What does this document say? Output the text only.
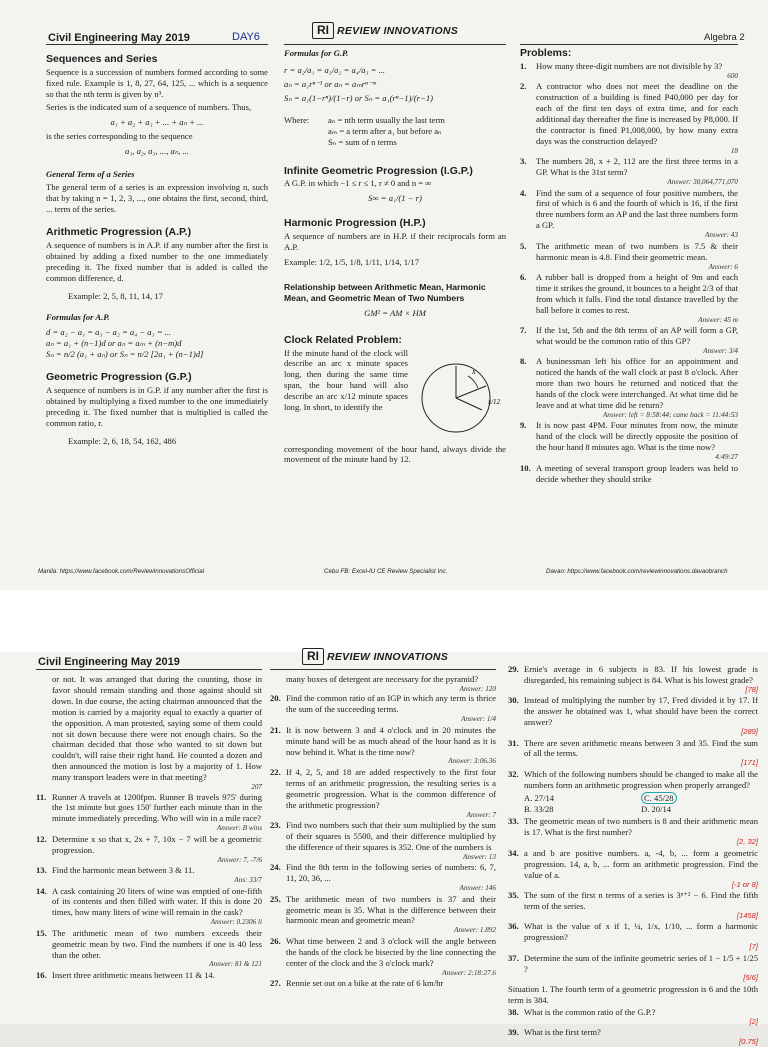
Civil Engineering May 2019	DAY6	RI REVIEW INNOVATIONS
Algebra 2
Sequences and Series
Sequence is a succession of numbers formed according to some fixed rule. Example is 1, 8, 27, 64, 125, ... which is a sequence so that the nth term is given by n³.
Series is the indicated sum of a sequence of numbers. Thus,
a₁ + a₂ + a₃ + ... + aₙ + ...
is the series corresponding to the sequence
a₁, a₂, a₃, ..., aₙ, ...
General Term of a Series
The general term of a series is an expression involving n, such that by taking n = 1, 2, 3, ..., one obtains the first, second, third, ... term of the series.
Arithmetic Progression (A.P.)
A sequence of numbers is in A.P. if any number after the first is obtained by adding a fixed number to the one immediately preceding it. The fixed number that is added is called the common difference, d.
Example: 2, 5, 8, 11, 14, 17
Formulas for A.P.
d = a₂ − a₁ = a₃ − a₂ = a₄ − a₃ = ...
aₙ = a₁ + (n−1)d or aₙ = aₘ + (n−m)d
Sₙ = n/2 (a₁ + aₙ) or Sₙ = n/2 [2a₁ + (n−1)d]
Geometric Progression (G.P.)
A sequence of numbers is in G.P. if any number after the first is obtained by multiplying a fixed number to the one immediately preceding it. The fixed number that is multiplied is called the common ratio, r.
Example: 2, 6, 18, 54, 162, 486
Formulas for G.P.
r = a₂/a₁ = a₃/a₂ = a₄/a₃ = ...
aₙ = a₁rⁿ⁻¹ or aₙ = aₘrⁿ⁻ᵐ
Sₙ = a₁(1−rⁿ)/(1−r) or Sₙ = a₁(rⁿ−1)/(r−1)
Where: aₙ = nth term usually the last term
aₘ = a term after a₁ but before aₙ
Sₙ = sum of n terms
Infinite Geometric Progression (I.G.P.)
A G.P. in which −1 ≤ r ≤ 1, r ≠ 0 and n = ∞
S∞ = a₁/(1 − r)
Harmonic Progression (H.P.)
A sequence of numbers are in H.P. if their reciprocals form an A.P.
Example: 1/2, 1/5, 1/8, 1/11, 1/14, 1/17
Relationship between Arithmetic Mean, Harmonic Mean, and Geometric Mean of Two Numbers
GM² = AM × HM
Clock Related Problem:
If the minute hand of the clock will describe an arc x minute spaces long, then during the same time span, the hour hand will also describe an arc x/12 minute spaces long. In short, to identify the
x
x/12
corresponding movement of the hour hand, always divide the movement of the minute hand by 12.
Problems:
1.	How many three-digit numbers are not divisible by 3?
600
2.	A contractor who does not meet the deadline on the construction of a building is fined P40,000 per day for each of the first ten days of extra time, and for each additional day thereafter the fine is increased by P8,000. If the contractor is fined P1,008,000, by how many extra days was the construction delayed?
18
3.	The numbers 28, x + 2, 112 are the first three terms in a GP. What is the 31st term?
Answer: 30,064,771,070
4.	Find the sum of a sequence of four positive numbers, the first of which is 6 and the fourth of which is 16, if the first three numbers form an AP and the last three numbers form a GP.
Answer: 43
5.	The arithmetic mean of two numbers is 7.5 & their harmonic mean is 4.8. Find their geometric mean.
Answer: 6
6.	A rubber ball is dropped from a height of 9m and each time it strikes the ground, it bounces to a height 2/3 of that from which it falls. Find the total distance travelled by the ball before it comes to rest.
Answer: 45 m
7.	If the 1st, 5th and the 8th terms of an AP will form a GP, what would be the common ratio of this GP?
Answer: 3/4
8.	A businessman left his office for an appointment and noticed the hands of the wall clock at past 8 o'clock. After more than two hours he returned and noticed that the hands of the clock were interchanged. At what time did he leave and at what time did he return?
Answer: left = 8:58:44; came back = 11:44:53
9.	It is now past 4PM. Four minutes from now, the minute hand of the clock will be directly opposite the position of the hour hand 8 minutes ago. What is the time now?
4:49:27
10. A meeting of several transport group leaders was held to decide whether they should strike
Manila: https://www.facebook.com/ReviewInnovationsOfficial	Cebu FB: Excel-IU CE Review Specialist Inc.	Davao: https://www.facebook.com/reviewinnovations.davaobranch
Civil Engineering May 2019	RI REVIEW INNOVATIONS
or not. It was arranged that during the counting, those in favor should remain standing and those against should sit down. In due course, the acting chairman announced that the motion is carried by a majority equal to exactly a quarter of the opposition. A man protested, saying some of them could not sit down because there were not enough chairs. So the chairman decided that those who wanted to sit down but couldn't, will raise their right hand. He counted a dozen and then announced the motion is lost by a majority of 1. How many transport leaders were in that meeting?
207
11. Runner A travels at 1200fpm. Runner B travels 975' during the 1st minute but goes 150' further each minute than in the minute immediately preceding. Who will win in a mile race?
Answer: B wins
12. Determine x so that x, 2x + 7, 10x − 7 will be a geometric progression.
Answer: 7, -7/6
13. Find the harmonic mean between 3 & 11.
Ans: 33/7
14. A cask containing 20 liters of wine was emptied of one-fifth of its contents and then filled with water. If this is done 20 times, how many liters of wine will remain in the cask?
Answer: 0.2306 li
15. The arithmetic mean of two numbers exceeds their geometric mean by two. Find the numbers if one is 40 less than the other.
Answer: 81 & 121
16. Insert three arithmetic means between 11 & 14.
many boxes of detergent are necessary for the pyramid?
Answer: 120
20. Find the common ratio of an IGP in which any term is thrice the sum of the succeeding terms.
Answer: 1/4
21. It is now between 3 and 4 o'clock and in 20 minutes the minute hand will be as much ahead of the hour hand as it is now behind it. What is the time now?
Answer: 3:06.36
22. If 4, 2, 5, and 18 are added respectively to the first four terms of an arithmetic progression, the resulting series is a geometric progression. What is the common difference of the arithmetic progression?
Answer: 7
23. Find two numbers such that their sum multiplied by the sum of their squares is 5500, and their difference multiplied by the difference of their squares is 352. One of the numbers is
Answer: 13
24. Find the 8th term in the following series of numbers: 6, 7, 11, 20, 36, ...
Answer: 146
25. The arithmetic mean of two numbers is 37 and their geometric mean is 35. What is the difference between their harmonic mean and geometric mean?
Answer: 1.892
26. What time between 2 and 3 o'clock will the angle between the hands of the clock be bisected by the line connecting the center of the clock and the 3 o'clock mark?
Answer: 2:18:27.6
27. Rennie set out on a bike at the rate of 6 km/hr
29. Ernie's average in 6 subjects is 83. If his lowest grade is disregarded, his remaining subject is 84. What is his lowest grade?
[78]
30. Instead of multiplying the number by 17, Fred divided it by 17. If the answer he obtained was 1, what should have been the correct answer?
[289]
31. There are seven arithmetic means between 3 and 35. Find the sum of all the terms.
[171]
32. Which of the following numbers should be changed to make all the numbers form an arithmetic progression when properly arranged?
A. 27/14	C. 45/28
B. 33/28	D. 20/14
33. The geometric mean of two numbers is 8 and their arithmetic mean is 17. What is the first number?
[2, 32]
34. a and b are positive numbers. a, -4, b, ... form a geometric progression. 14, a, b, ... form an arithmetic progression. Find the value of a.
[-1 or 8]
35. The sum of the first n terms of a series is 3ⁿ⁺² − 6. Find the fifth term of the series.
[1458]
36. What is the value of x if 1, ¼, 1/x, 1/10, ... form a harmonic progression?
[7]
37. Determine the sum of the infinite geometric series of 1 − 1/5 + 1/25 ?
[5/6]
Situation 1. The fourth term of a geometric progression is 6 and the 10th term is 384.
38. What is the common ratio of the G.P.?
[2]
39. What is the first term?
[0.75]
